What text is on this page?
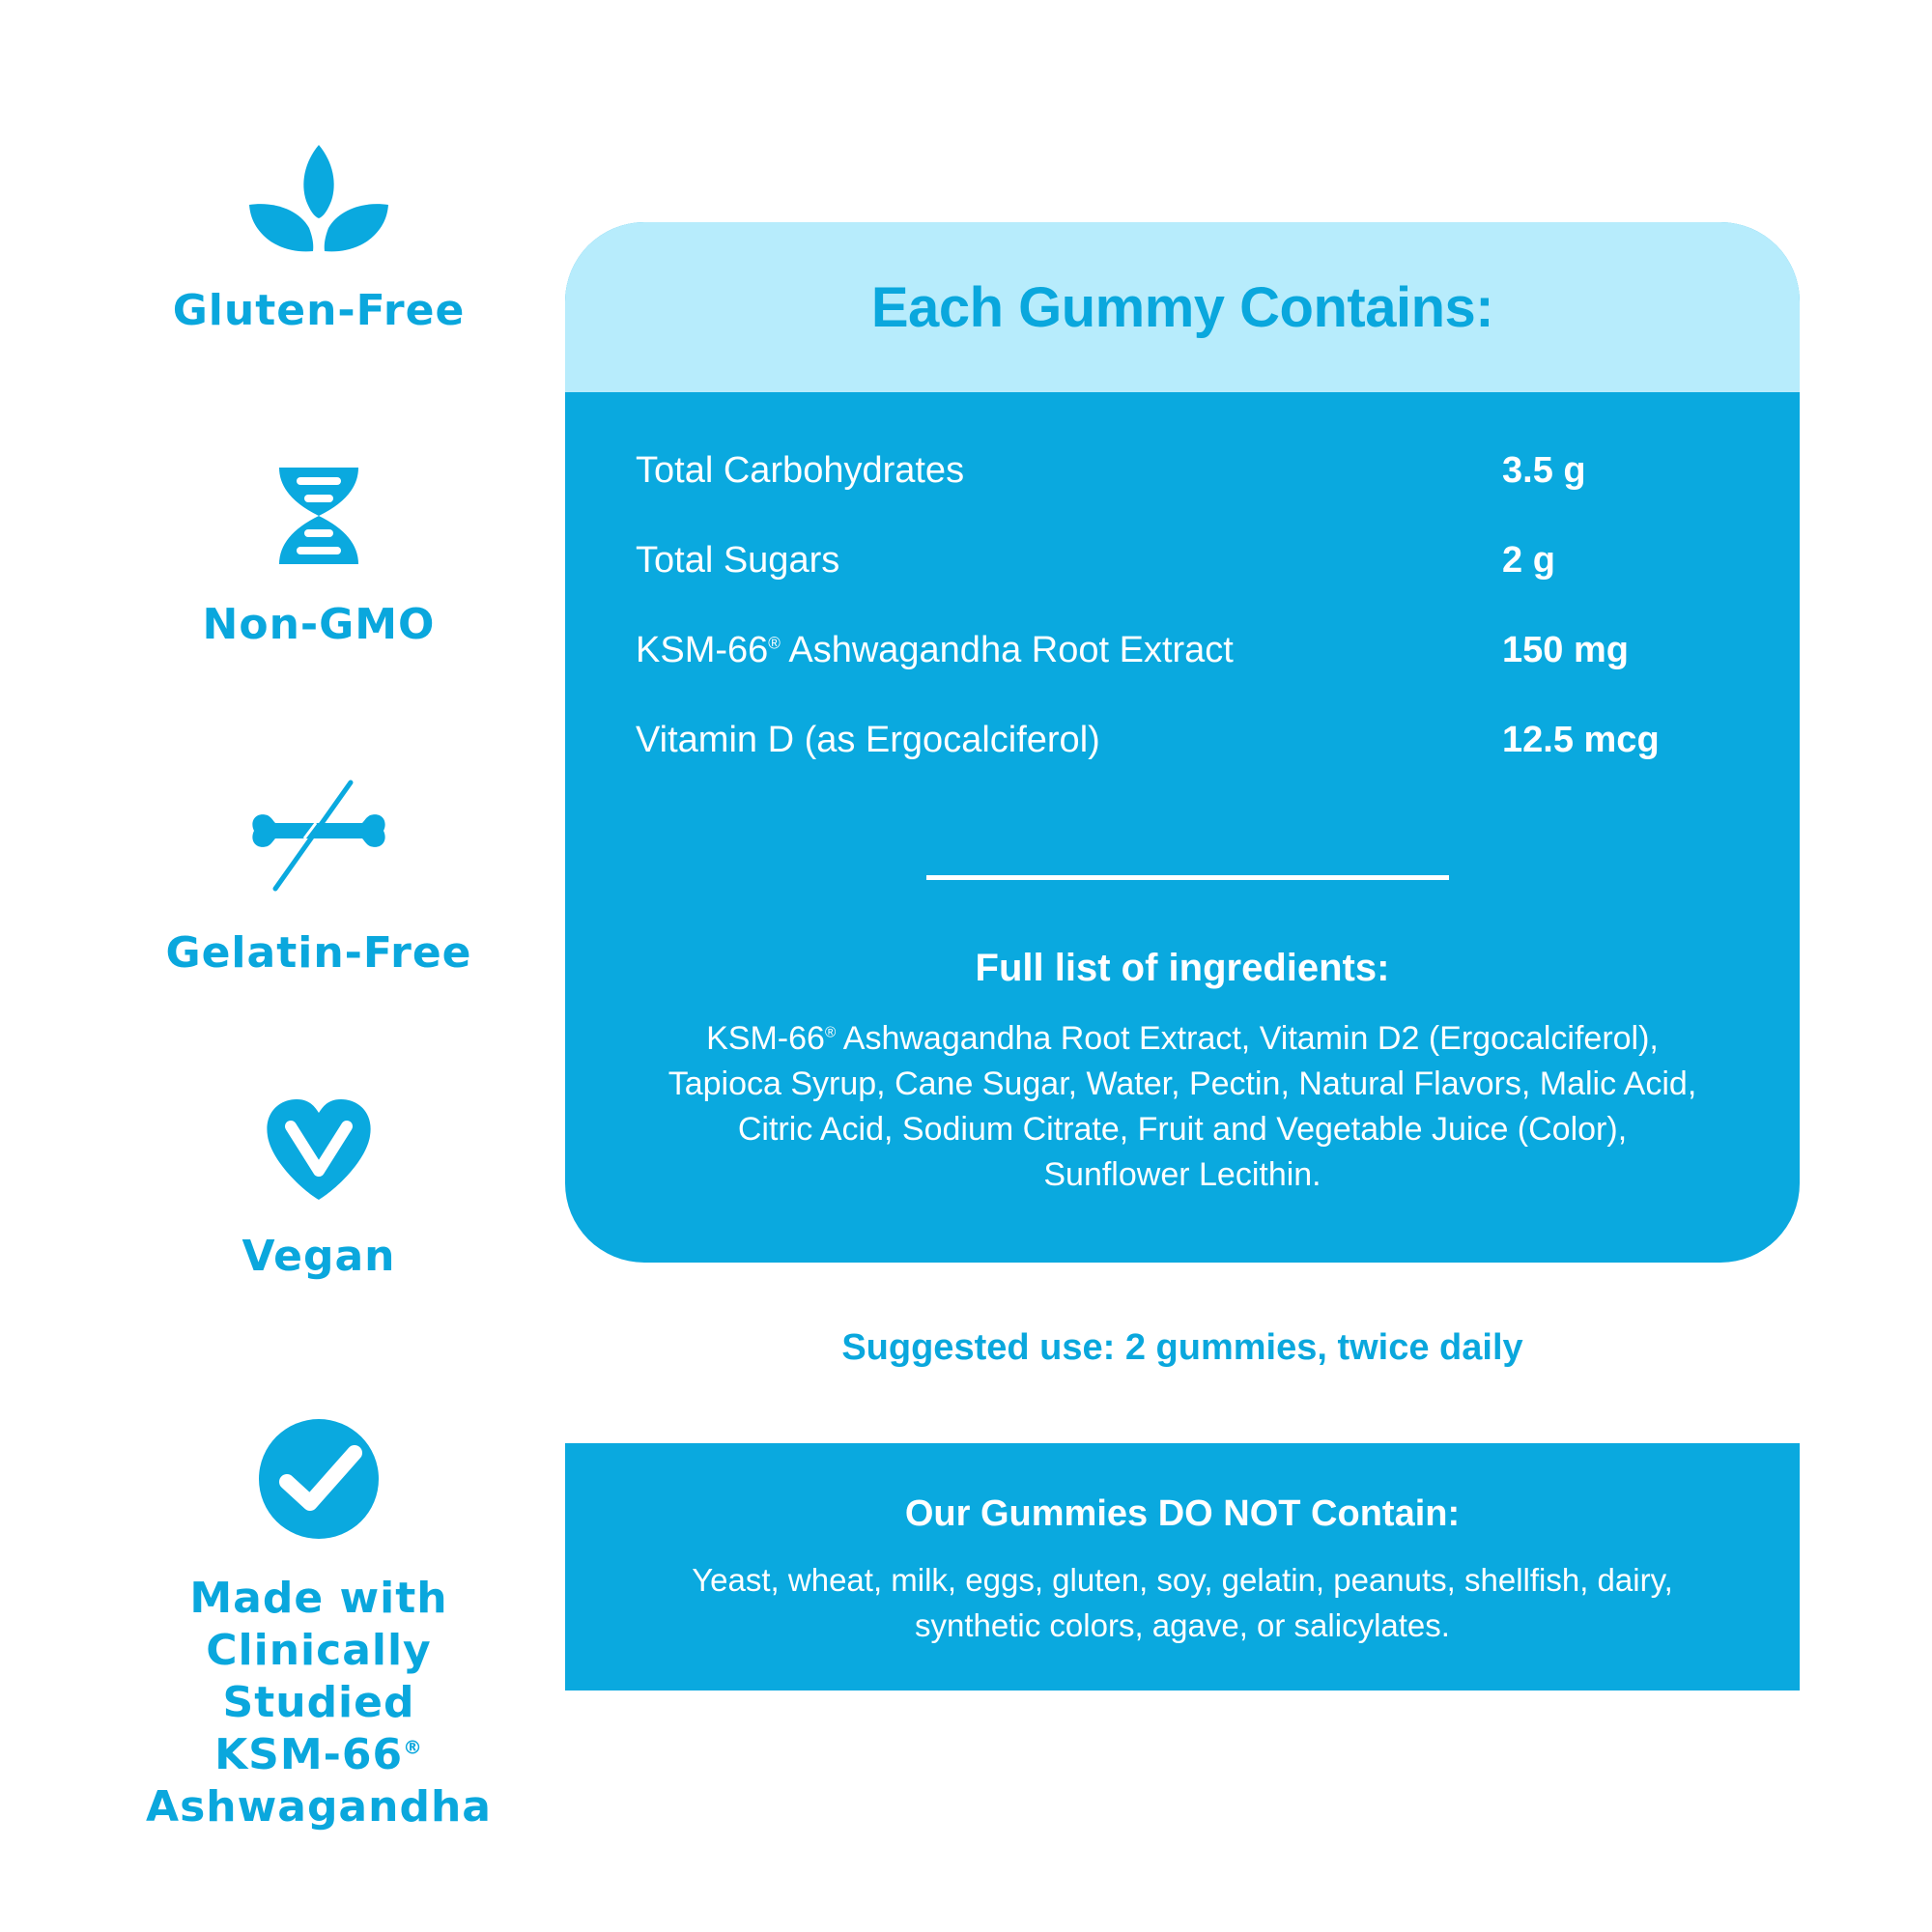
Gluten-Free
Non-GMO
Gelatin-Free
Vegan
Made with
Clinically Studied
KSM-66®
Ashwagandha
Each Gummy Contains:
Total Carbohydrates	3.5 g
Total Sugars	2 g
KSM-66® Ashwagandha Root Extract	150 mg
Vitamin D (as Ergocalciferol)	12.5 mcg
Full list of ingredients:
KSM-66® Ashwagandha Root Extract, Vitamin D2 (Ergocalciferol),
Tapioca Syrup, Cane Sugar, Water, Pectin, Natural Flavors, Malic Acid,
Citric Acid, Sodium Citrate, Fruit and Vegetable Juice (Color),
Sunflower Lecithin.
Suggested use: 2 gummies, twice daily
Our Gummies DO NOT Contain:
Yeast, wheat, milk, eggs, gluten, soy, gelatin, peanuts, shellfish, dairy,
synthetic colors, agave, or salicylates.
